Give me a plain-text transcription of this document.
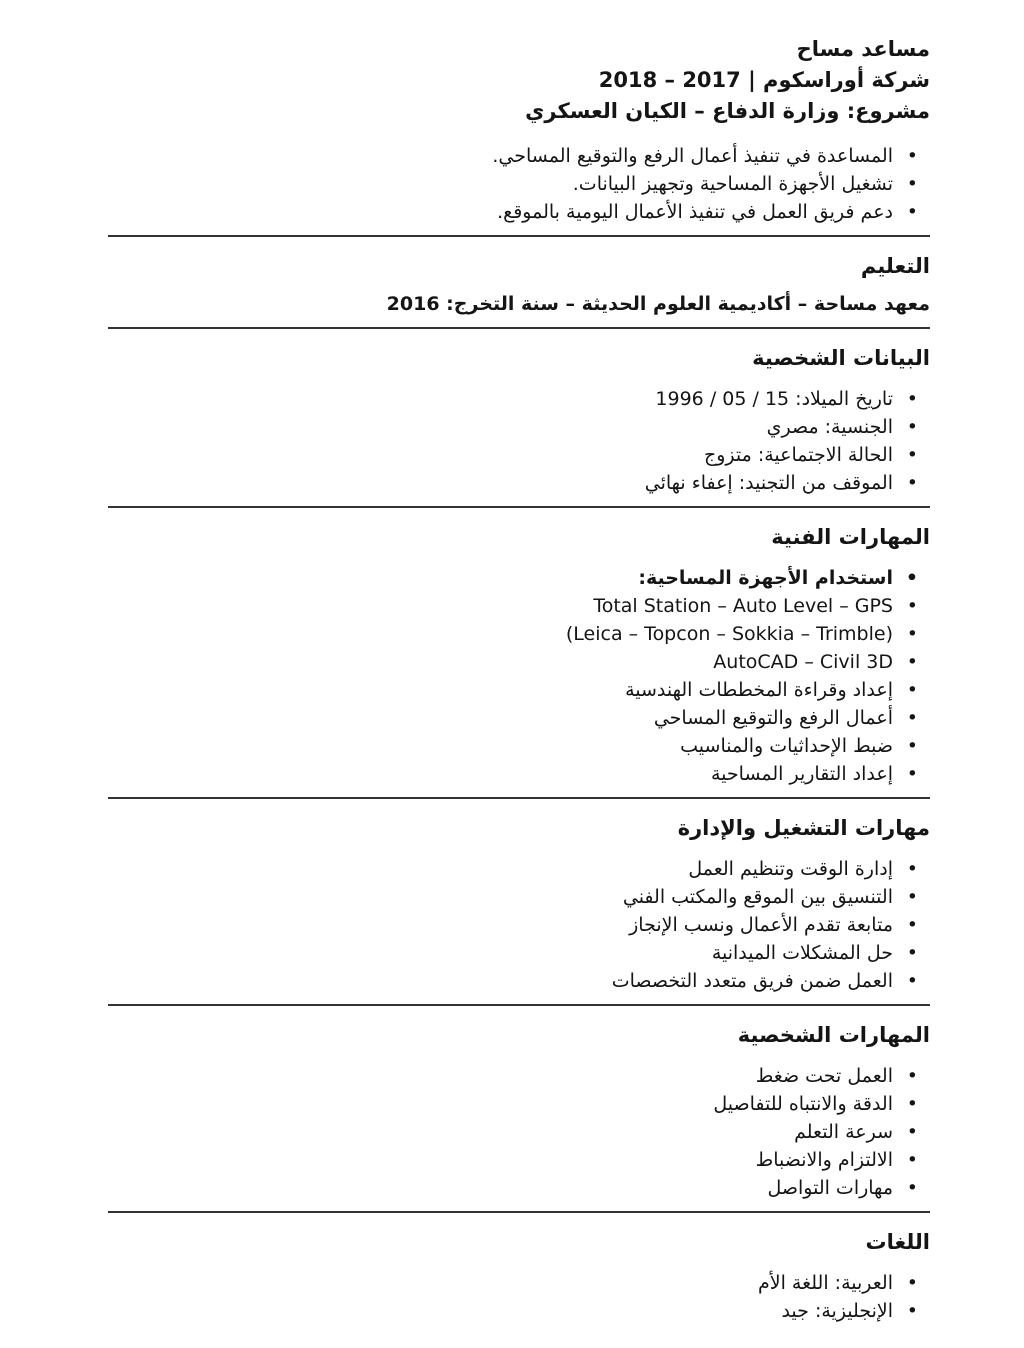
مساعد مساح
شركة أوراسكوم | 2017 – 2018
مشروع: وزارة الدفاع – الكيان العسكري
• المساعدة في تنفيذ أعمال الرفع والتوقيع المساحي.
• تشغيل الأجهزة المساحية وتجهيز البيانات.
• دعم فريق العمل في تنفيذ الأعمال اليومية بالموقع.
التعليم
معهد مساحة – أكاديمية العلوم الحديثة – سنة التخرج: 2016
البيانات الشخصية
• تاريخ الميلاد: 15 / 05 / 1996
• الجنسية: مصري
• الحالة الاجتماعية: متزوج
• الموقف من التجنيد: إعفاء نهائي
المهارات الفنية
• استخدام الأجهزة المساحية:
• Total Station – Auto Level – GPS
• (Leica – Topcon – Sokkia – Trimble)
• AutoCAD – Civil 3D
• إعداد وقراءة المخططات الهندسية
• أعمال الرفع والتوقيع المساحي
• ضبط الإحداثيات والمناسيب
• إعداد التقارير المساحية
مهارات التشغيل والإدارة
• إدارة الوقت وتنظيم العمل
• التنسيق بين الموقع والمكتب الفني
• متابعة تقدم الأعمال ونسب الإنجاز
• حل المشكلات الميدانية
• العمل ضمن فريق متعدد التخصصات
المهارات الشخصية
• العمل تحت ضغط
• الدقة والانتباه للتفاصيل
• سرعة التعلم
• الالتزام والانضباط
• مهارات التواصل
اللغات
• العربية: اللغة الأم
• الإنجليزية: جيد
